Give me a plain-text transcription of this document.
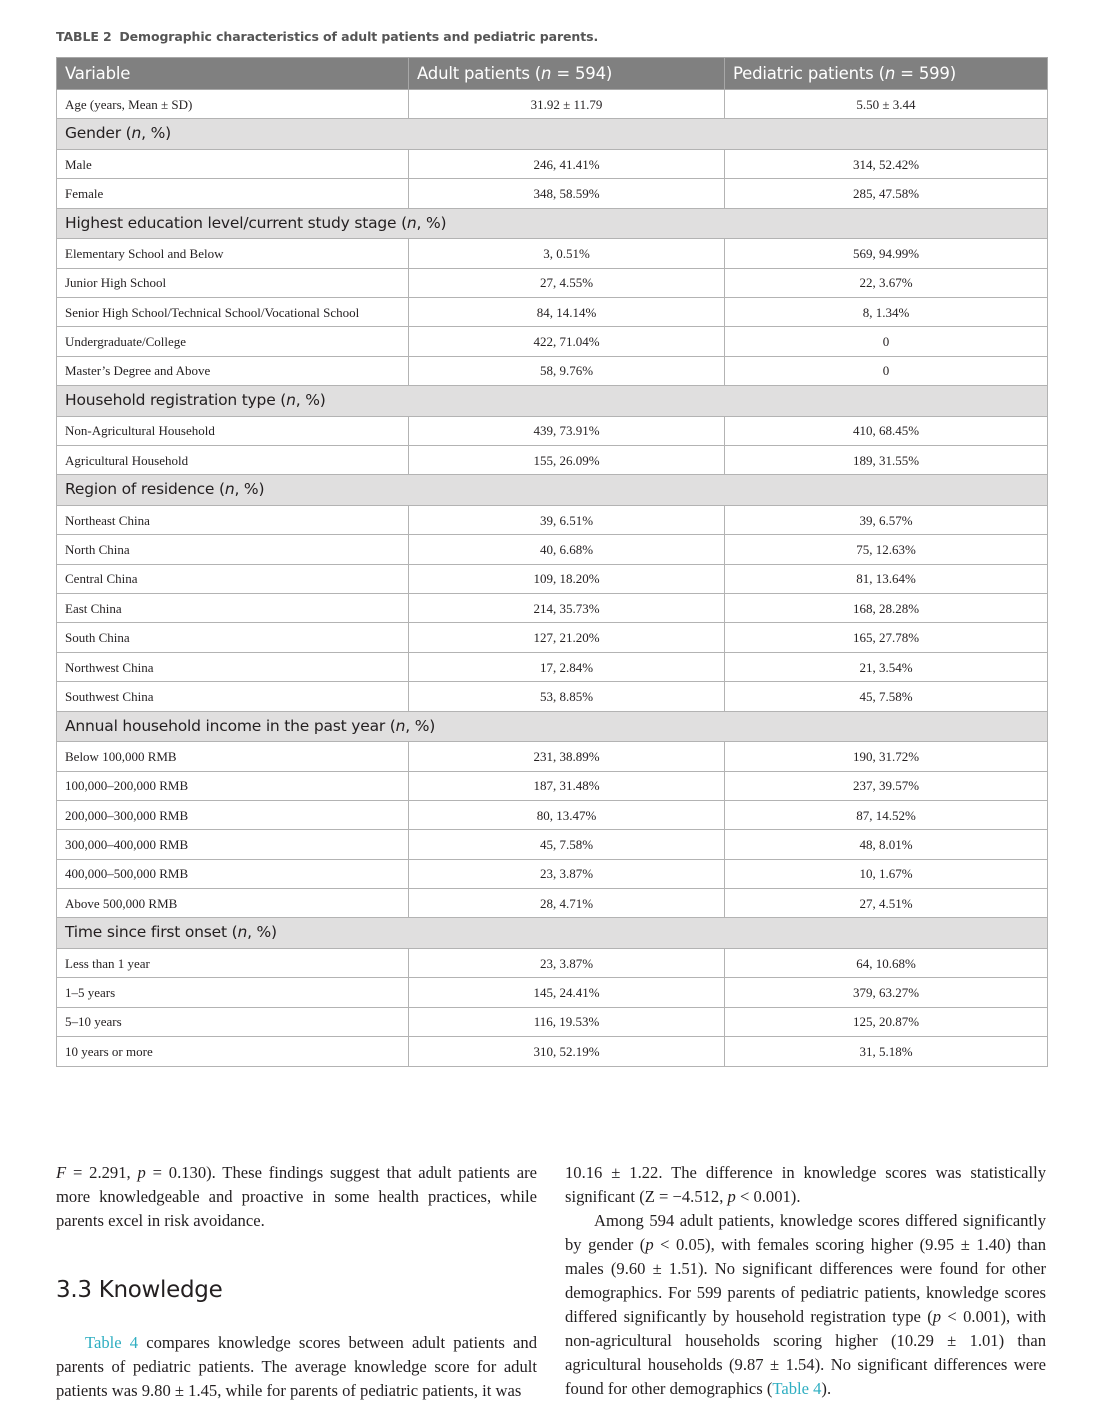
TABLE 2 Demographic characteristics of adult patients and pediatric parents.
Variable	Adult patients (n = 594)	Pediatric patients (n = 599)
Age (years, Mean ± SD)	31.92 ± 11.79	5.50 ± 3.44
Gender (n, %)		
Male	246, 41.41%	314, 52.42%
Female	348, 58.59%	285, 47.58%
Highest education level/current study stage (n, %)		
Elementary School and Below	3, 0.51%	569, 94.99%
Junior High School	27, 4.55%	22, 3.67%
Senior High School/Technical School/Vocational School	84, 14.14%	8, 1.34%
Undergraduate/College	422, 71.04%	0
Master’s Degree and Above	58, 9.76%	0
Household registration type (n, %)		
Non-Agricultural Household	439, 73.91%	410, 68.45%
Agricultural Household	155, 26.09%	189, 31.55%
Region of residence (n, %)		
Northeast China	39, 6.51%	39, 6.57%
North China	40, 6.68%	75, 12.63%
Central China	109, 18.20%	81, 13.64%
East China	214, 35.73%	168, 28.28%
South China	127, 21.20%	165, 27.78%
Northwest China	17, 2.84%	21, 3.54%
Southwest China	53, 8.85%	45, 7.58%
Annual household income in the past year (n, %)		
Below 100,000 RMB	231, 38.89%	190, 31.72%
100,000–200,000 RMB	187, 31.48%	237, 39.57%
200,000–300,000 RMB	80, 13.47%	87, 14.52%
300,000–400,000 RMB	45, 7.58%	48, 8.01%
400,000–500,000 RMB	23, 3.87%	10, 1.67%
Above 500,000 RMB	28, 4.71%	27, 4.51%
Time since first onset (n, %)		
Less than 1 year	23, 3.87%	64, 10.68%
1–5 years	145, 24.41%	379, 63.27%
5–10 years	116, 19.53%	125, 20.87%
10 years or more	310, 52.19%	31, 5.18%

F = 2.291, p = 0.130). These findings suggest that adult patients are more knowledgeable and proactive in some health practices, while parents excel in risk avoidance.

3.3 Knowledge

Table 4 compares knowledge scores between adult patients and parents of pediatric patients. The average knowledge score for adult patients was 9.80 ± 1.45, while for parents of pediatric patients, it was

10.16 ± 1.22. The difference in knowledge scores was statistically significant (Z = −4.512, p < 0.001).

Among 594 adult patients, knowledge scores differed significantly by gender (p < 0.05), with females scoring higher (9.95 ± 1.40) than males (9.60 ± 1.51). No significant differences were found for other demographics. For 599 parents of pediatric patients, knowledge scores differed significantly by household registration type (p < 0.001), with non-agricultural households scoring higher (10.29 ± 1.01) than agricultural households (9.87 ± 1.54). No significant differences were found for other demographics (Table 4).
